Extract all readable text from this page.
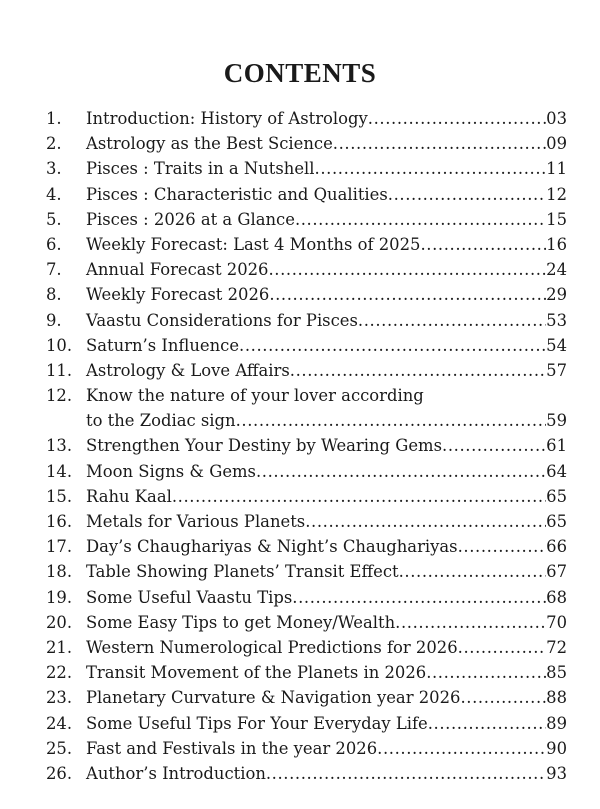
CONTENTS
1. Introduction: History of Astrology .....	03
2. Astrology as the Best Science .....	09
3. Pisces : Traits in a Nutshell .....	11
4. Pisces : Characteristic and Qualities .....	12
5. Pisces : 2026 at a Glance .....	15
6. Weekly Forecast: Last 4 Months of 2025 .....	16
7. Annual Forecast 2026 .....	24
8. Weekly Forecast 2026 .....	29
9. Vaastu Considerations for Pisces .....	53
10. Saturn’s Influence .....	54
11. Astrology & Love Affairs .....	57
12. Know the nature of your lover according
to the Zodiac sign .....	59
13. Strengthen Your Destiny by Wearing Gems .....	61
14. Moon Signs & Gems .....	64
15. Rahu Kaal .....	65
16. Metals for Various Planets .....	65
17. Day’s Chaughariyas & Night’s Chaughariyas .....	66
18. Table Showing Planets’ Transit Effect .....	67
19. Some Useful Vaastu Tips .....	68
20. Some Easy Tips to get Money/Wealth .....	70
21. Western Numerological Predictions for 2026 .....	72
22. Transit Movement of the Planets in 2026 .....	85
23. Planetary Curvature & Navigation year 2026 .....	88
24. Some Useful Tips For Your Everyday Life .....	89
25. Fast and Festivals in the year 2026 .....	90
26. Author’s Introduction .....	93
